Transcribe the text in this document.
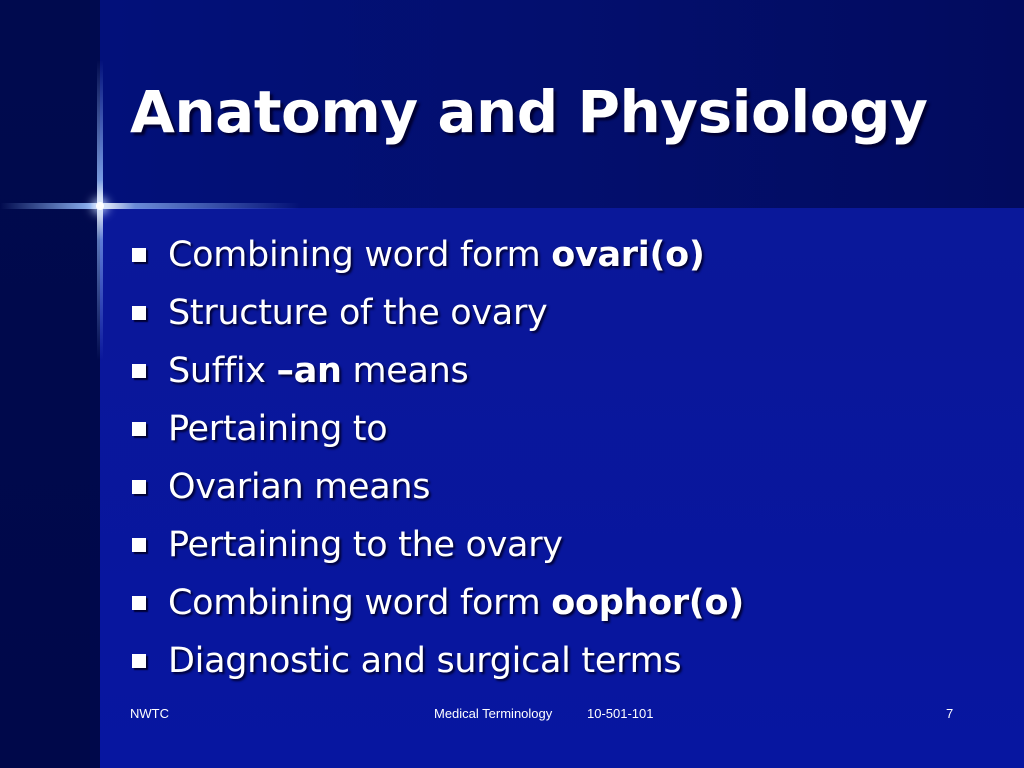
Anatomy and Physiology
Combining word form ovari(o)
Structure of the ovary
Suffix –an means
Pertaining to
Ovarian means
Pertaining to the ovary
Combining word form oophor(o)
Diagnostic and surgical terms
NWTC	Medical Terminology	10-501-101	7
